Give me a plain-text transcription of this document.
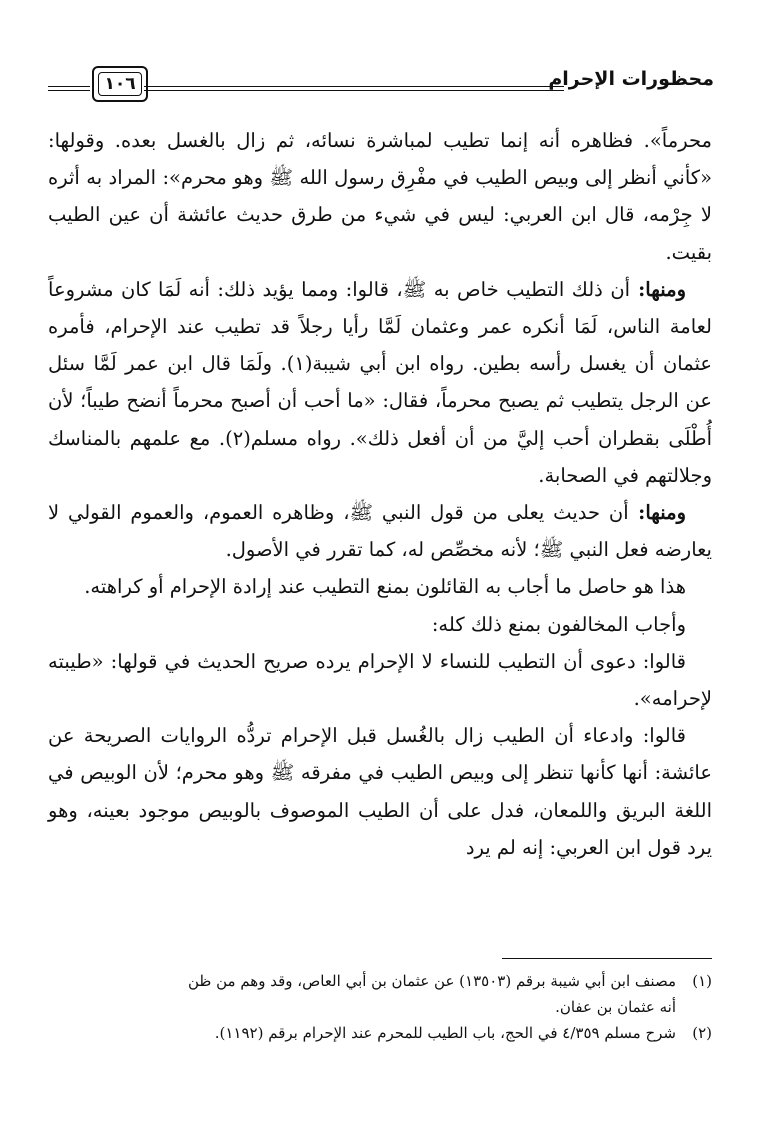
محظورات الإحرام
١٠٦

محرماً». فظاهره أنه إنما تطيب لمباشرة نسائه، ثم زال بالغسل بعده. وقولها: «كأني أنظر إلى وبيص الطيب في مفْرِق رسول الله ﷺ وهو محرم»: المراد به أثره لا جِرْمه، قال ابن العربي: ليس في شيء من طرق حديث عائشة أن عين الطيب بقيت.

ومنها: أن ذلك التطيب خاص به ﷺ، قالوا: ومما يؤيد ذلك: أنه لَمَا كان مشروعاً لعامة الناس، لَمَا أنكره عمر وعثمان لَمَّا رأيا رجلاً قد تطيب عند الإحرام، فأمره عثمان أن يغسل رأسه بطين. رواه ابن أبي شيبة(١). ولَمَا قال ابن عمر لَمَّا سئل عن الرجل يتطيب ثم يصبح محرماً، فقال: «ما أحب أن أصبح محرماً أنضح طيباً؛ لأن أُطْلَى بقطران أحب إليَّ من أن أفعل ذلك». رواه مسلم(٢). مع علمهم بالمناسك وجلالتهم في الصحابة.

ومنها: أن حديث يعلى من قول النبي ﷺ، وظاهره العموم، والعموم القولي لا يعارضه فعل النبي ﷺ؛ لأنه مخصِّص له، كما تقرر في الأصول.

هذا هو حاصل ما أجاب به القائلون بمنع التطيب عند إرادة الإحرام أو كراهته.

وأجاب المخالفون بمنع ذلك كله:

قالوا: دعوى أن التطيب للنساء لا الإحرام يرده صريح الحديث في قولها: «طيبته لإحرامه».

قالوا: وادعاء أن الطيب زال بالغُسل قبل الإحرام تردُّه الروايات الصريحة عن عائشة: أنها كأنها تنظر إلى وبيص الطيب في مفرقه ﷺ وهو محرم؛ لأن الوبيص في اللغة البريق واللمعان، فدل على أن الطيب الموصوف بالوبيص موجود بعينه، وهو يرد قول ابن العربي: إنه لم يرد

(١)
مصنف ابن أبي شيبة برقم (١٣٥٠٣) عن عثمان بن أبي العاص، وقد وهم من ظن
أنه عثمان بن عفان.
(٢)
شرح مسلم ٤/٣٥٩ في الحج، باب الطيب للمحرم عند الإحرام برقم (١١٩٢).
